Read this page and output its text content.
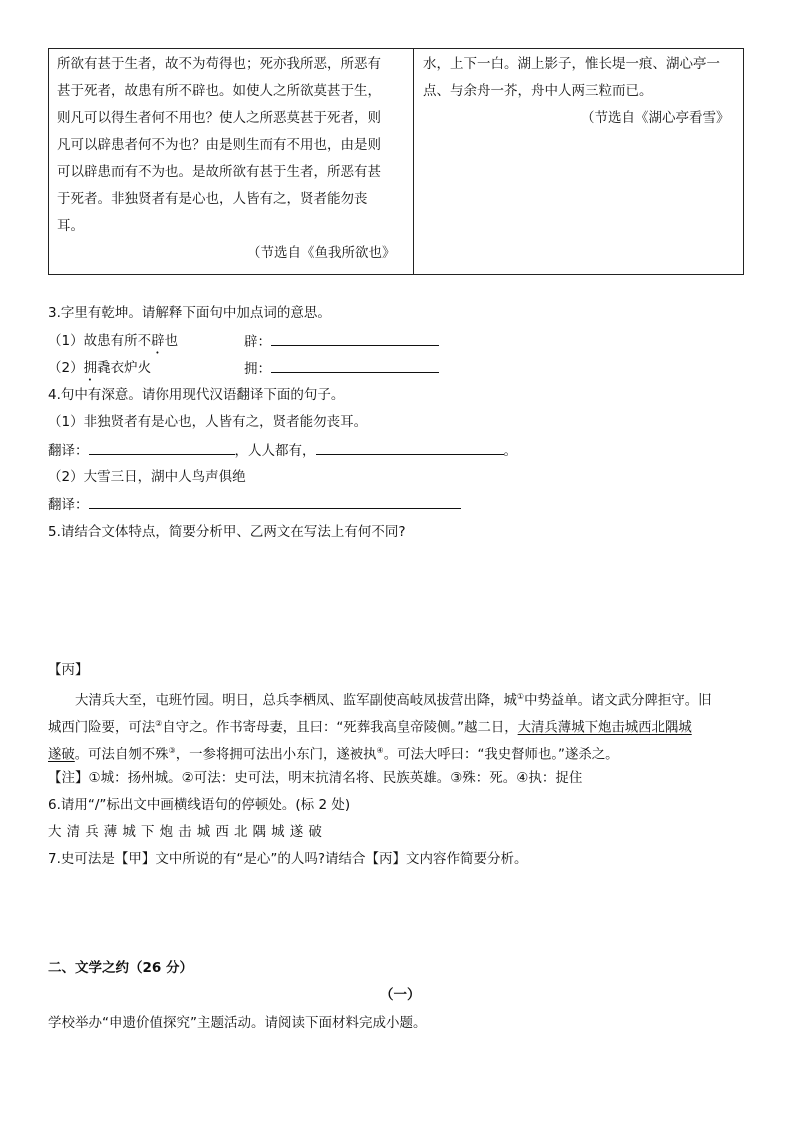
所欲有甚于生者，故不为苟得也；死亦我所恶，所恶有
甚于死者，故患有所不辟也。如使人之所欲莫甚于生，
则凡可以得生者何不用也？使人之所恶莫甚于死者，则
凡可以辟患者何不为也？由是则生而有不用也，由是则
可以辟患而有不为也。是故所欲有甚于生者，所恶有甚
于死者。非独贤者有是心也，人皆有之，贤者能勿丧
耳。
（节选自《鱼我所欲也》
水，上下一白。湖上影子，惟长堤一痕、湖心亭一
点、与余舟一芥，舟中人两三粒而已。
（节选自《湖心亭看雪》
3.字里有乾坤。请解释下面句中加点词的意思。
（1）故患有所不辟也	辟：
（2）拥毳衣炉火	拥：
4.句中有深意。请你用现代汉语翻译下面的句子。
（1）非独贤者有是心也，人皆有之，贤者能勿丧耳。
翻译：	，人人都有，	。
（2）大雪三日，湖中人鸟声俱绝
翻译：
5.请结合文体特点，简要分析甲、乙两文在写法上有何不同?
【丙】
大清兵大至，屯班竹园。明日，总兵李栖凤、监军副使高岐凤拔营出降，城①中势益单。诸文武分陴拒守。旧
城西门险要，可法②自守之。作书寄母妻，且曰：“死葬我高皇帝陵侧。”越二日，大清兵薄城下炮击城西北隅城
遂破。可法自刎不殊③，一参将拥可法出小东门，遂被执④。可法大呼曰：“我史督师也。”遂杀之。
【注】①城：扬州城。②可法：史可法，明末抗清名将、民族英雄。③殊：死。④执：捉住
6.请用“/”标出文中画横线语句的停顿处。(标 2 处)
大 清 兵 薄 城 下 炮 击 城 西 北 隅 城 遂 破
7.史可法是【甲】文中所说的有“是心”的人吗?请结合【丙】文内容作简要分析。
二、文学之约（26 分）
（一）
学校举办“申遗价值探究”主题活动。请阅读下面材料完成小题。
